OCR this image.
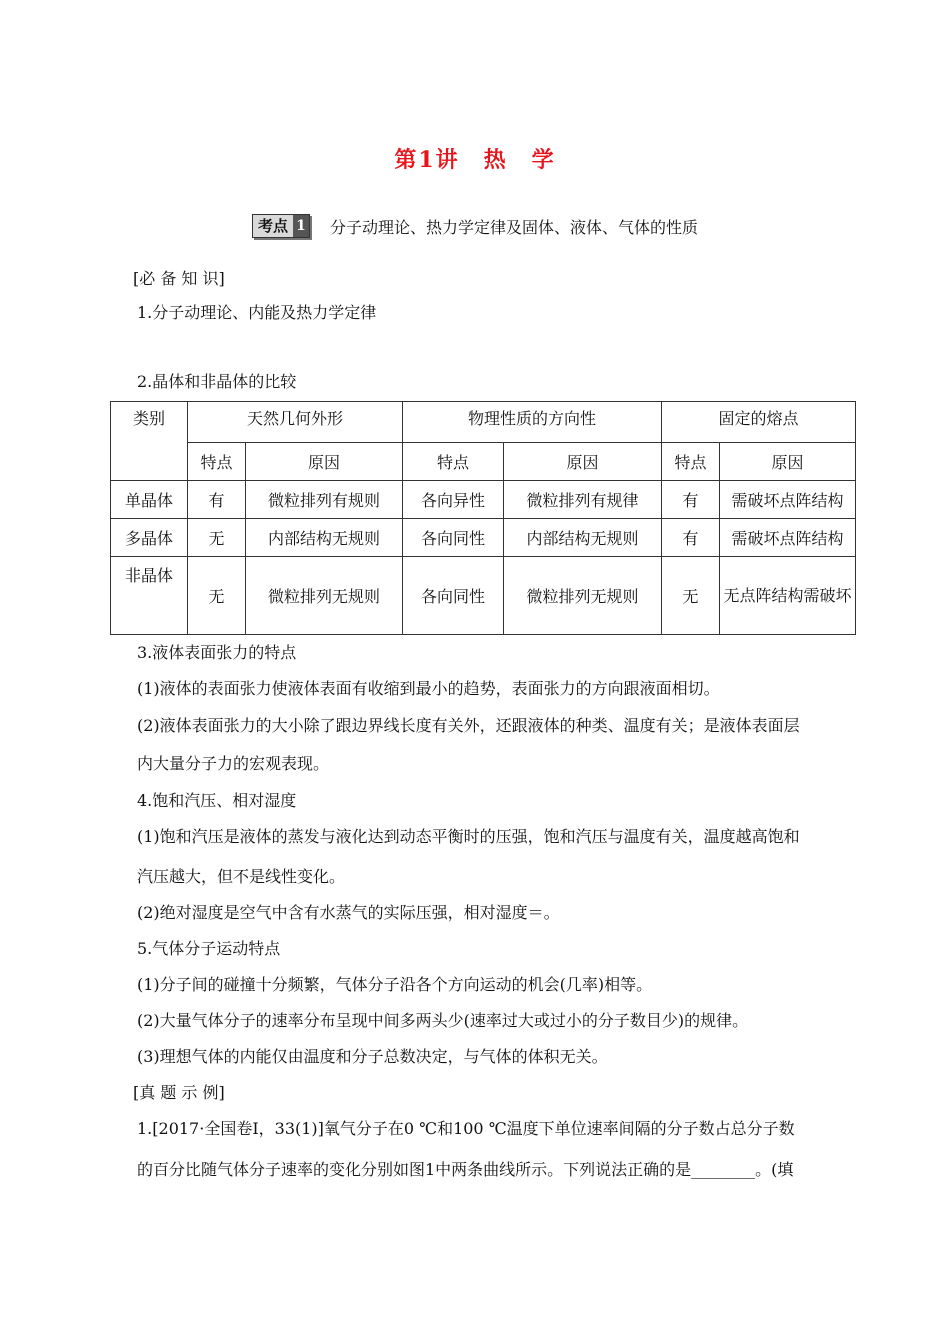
第1讲　热　学
考点 1 分子动理论、热力学定律及固体、液体、气体的性质
[必 备 知 识]
1.分子动理论、内能及热力学定律
2.晶体和非晶体的比较
类别	天然几何外形		物理性质的方向性		固定的熔点	
	特点	原因	特点	原因	特点	原因
单晶体	有	微粒排列有规则	各向异性	微粒排列有规律	有	需破坏点阵结构
多晶体	无	内部结构无规则	各向同性	内部结构无规则	有	需破坏点阵结构
非晶体	无	微粒排列无规则	各向同性	微粒排列无规则	无	无点阵结构需破坏
3.液体表面张力的特点
(1)液体的表面张力使液体表面有收缩到最小的趋势，表面张力的方向跟液面相切。
(2)液体表面张力的大小除了跟边界线长度有关外，还跟液体的种类、温度有关；是液体表面层
内大量分子力的宏观表现。
4.饱和汽压、相对湿度
(1)饱和汽压是液体的蒸发与液化达到动态平衡时的压强，饱和汽压与温度有关，温度越高饱和
汽压越大，但不是线性变化。
(2)绝对湿度是空气中含有水蒸气的实际压强，相对湿度＝。
5.气体分子运动特点
(1)分子间的碰撞十分频繁，气体分子沿各个方向运动的机会(几率)相等。
(2)大量气体分子的速率分布呈现中间多两头少(速率过大或过小的分子数目少)的规律。
(3)理想气体的内能仅由温度和分子总数决定，与气体的体积无关。
[真 题 示 例]
1.[2017·全国卷Ⅰ，33(1)]氧气分子在0 ℃和100 ℃温度下单位速率间隔的分子数占总分子数
的百分比随气体分子速率的变化分别如图1中两条曲线所示。下列说法正确的是________。(填
